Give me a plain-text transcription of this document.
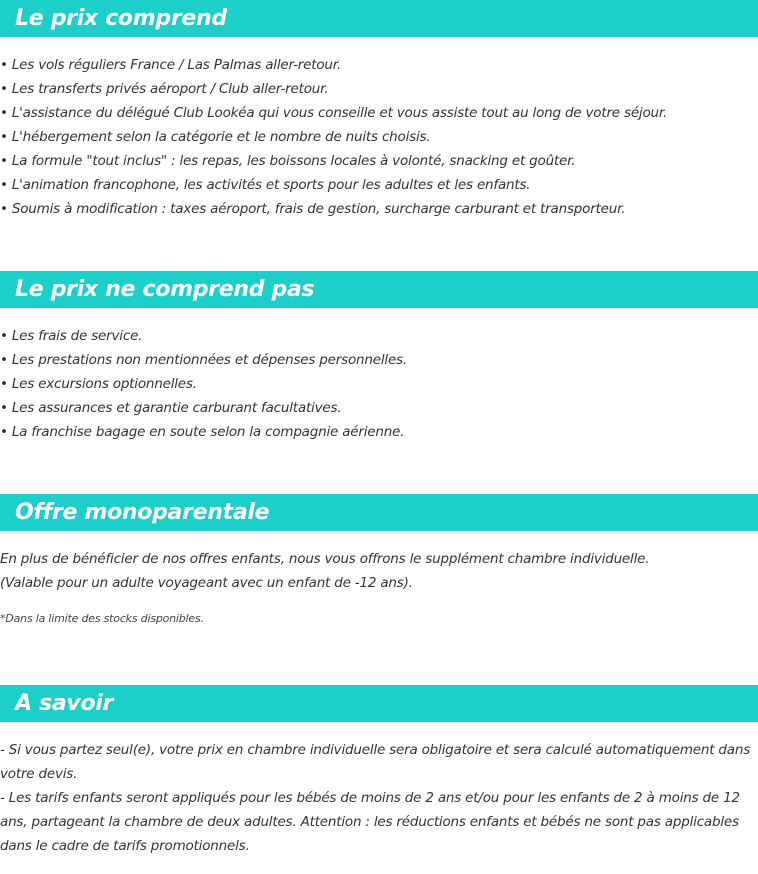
Le prix comprend
• Les vols réguliers France / Las Palmas aller-retour.
• Les transferts privés aéroport / Club aller-retour.
• L'assistance du délégué Club Lookéa qui vous conseille et vous assiste tout au long de votre séjour.
• L'hébergement selon la catégorie et le nombre de nuits choisis.
• La formule "tout inclus" : les repas, les boissons locales à volonté, snacking et goûter.
• L'animation francophone, les activités et sports pour les adultes et les enfants.
• Soumis à modification : taxes aéroport, frais de gestion, surcharge carburant et transporteur.
Le prix ne comprend pas
• Les frais de service.
• Les prestations non mentionnées et dépenses personnelles.
• Les excursions optionnelles.
• Les assurances et garantie carburant facultatives.
• La franchise bagage en soute selon la compagnie aérienne.
Offre monoparentale
En plus de bénéficier de nos offres enfants, nous vous offrons le supplément chambre individuelle.
(Valable pour un adulte voyageant avec un enfant de -12 ans).

*Dans la limite des stocks disponibles.

A savoir

- Si vous partez seul(e), votre prix en chambre individuelle sera obligatoire et sera calculé automatiquement dans votre devis.

- Les tarifs enfants seront appliqués pour les bébés de moins de 2 ans et/ou pour les enfants de 2 à moins de 12 ans, partageant la chambre de deux adultes. Attention : les réductions enfants et bébés ne sont pas applicables dans le cadre de tarifs promotionnels.
